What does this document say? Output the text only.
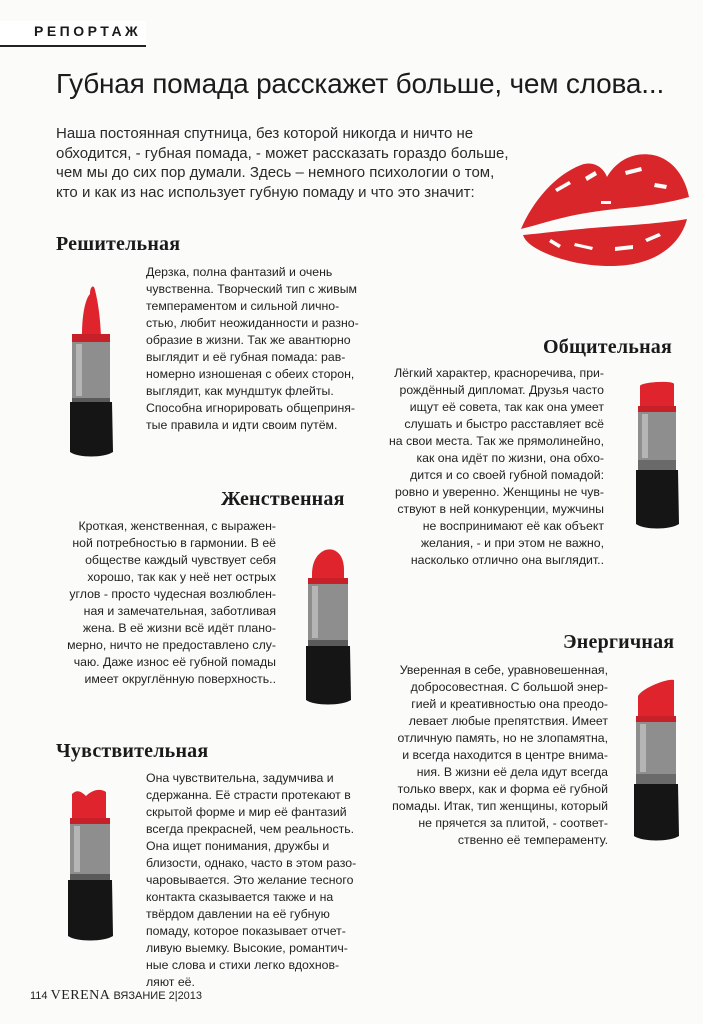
РЕПОРТАЖ
Губная помада расскажет больше, чем слова...
Наша постоянная спутница, без которой никогда и ничто не
обходится, - губная помада, - может рассказать гораздо больше,
чем мы до сих пор думали. Здесь – немного психологии о том,
кто и как из нас использует губную помаду и что это значит:
Решительная
Дерзка, полна фантазий и очень
чувственна. Творческий тип с живым
темпераментом и сильной лично-
стью, любит неожиданности и разно-
образие в жизни. Так же авантюрно
выглядит и её губная помада: рав-
номерно изношеная с обеих сторон,
выглядит, как мундштук флейты.
Способна игнорировать общеприня-
тые правила и идти своим путём.
Общительная
Лёгкий характер, красноречива, при-
рождённый дипломат. Друзья часто
ищут её совета, так как она умеет
слушать и быстро расставляет всё
на свои места. Так же прямолинейно,
как она идёт по жизни, она обхо-
дится и со своей губной помадой:
ровно и уверенно. Женщины не чув-
ствуют в ней конкуренции, мужчины
не воспринимают её как объект
желания, - и при этом не важно,
насколько отлично она выглядит..
Женственная
Кроткая, женственная, с выражен-
ной потребностью в гармонии. В её
обществе каждый чувствует себя
хорошо, так как у неё нет острых
углов - просто чудесная возлюблен-
ная и замечательная, заботливая
жена. В её жизни всё идёт плано-
мерно, ничто не предоставлено слу-
чаю. Даже износ её губной помады
имеет округлённую поверхность..
Энергичная
Уверенная в себе, уравновешенная,
добросовестная. С большой энер-
гией и креативностью она преодо-
левает любые препятствия. Имеет
отличную память, но не злопамятна,
и всегда находится в центре внима-
ния. В жизни её дела идут всегда
только вверх, как и форма её губной
помады. Итак, тип женщины, который
не прячется за плитой, - соответ-
ственно её темпераменту.
Чувствительная
Она чувствительна, задумчива и
сдержанна. Её страсти протекают в
скрытой форме и мир её фантазий
всегда прекрасней, чем реальность.
Она ищет понимания, дружбы и
близости, однако, часто в этом разо-
чаровывается. Это желание тесного
контакта сказывается также и на
твёрдом давлении на её губную
помаду, которое показывает отчет-
ливую выемку. Высокие, романтич-
ные слова и стихи легко вдохнов-
ляют её.
114 VERENA ВЯЗАНИЕ 2|2013
